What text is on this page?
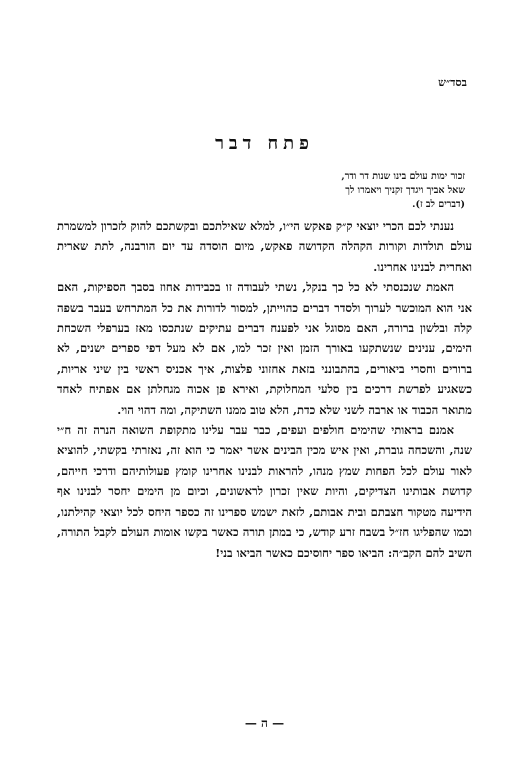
בסד״ש
פתח דבר
זכור ימות עולם בינו שנות דר ודר,
שאל אביך ויגדך זקניך ויאמרו לך
(דברים לב ז).

נענתי לכם הכרי יוצאי ק״ק פאקש הי״ו, למלא שאילתכם ובקשתכם להוק לזכרון למשמרת עולם תולדות וקורות הקהלה הקדושה פאקש, מיום הוסדה עד יום הורבנה, לתת שארית ואחרית לבנינו אחרינו.

האמת שנכנסתי לא כל כך בנקל, נשתי לעבודה זו בכבידות אחוז בסבך הספיקות, האם אני הוא המוכשר לערוך ולסדר דברים כהוייתן, למסור לדורות את כל המתרחש בעבר בשפה קלה ובלשון ברורה, האם מסוגל אני לפענח דברים עתיקים שנתכסו מאז בערפלי השכחת הימים, ענינים שנשתקעו באורך הזמן ואין זכר למו, אם לא מעל דפי ספרים ישנים, לא ברורים וחסרי ביאורים, בהתבונני בזאת אחזוני פלצות, איך אכניס ראשי בין שיני אריות, כשאגיע לפרשת דרכים בין סלעי המחלוקת, ואירא פן אכוה מגחלתן אם אפתיח לאחד מתואר הכבוד או ארבה לשני שלא כדת, הלא טוב ממנו השתיקה, ומה דהוי הוי.

אמנם בראותי שהימים חולפים ועפים, כבר עבר עלינו מתקופת השואה הנרה זה ח״י שנה, והשכחה גוברת, ואין איש מכין הבינים אשר יאמר כי הוא זה, נאזרתי בקשתי, להוציא לאור עולם לכל הפחות שמץ מנהו, להראות לבנינו אחרינו קומץ פעולותיהם ודרכי חייהם, קדושת אבותינו הצדיקים, והיות שאין זכרון לראשונים, וכיום מן הימים יחסר לבנינו אף הידיעה מטקור חצבתם ובית אבותם, לזאת ישמש ספרינו זה כספר היחס לכל יוצאי קהילתנו, וכמו שהפליגו חז״ל בשבח זרע קודש, כי במתן תורה כאשר בקשו אומות העולם לקבל התורה, השיב להם הקב״ה: הביאו ספר יחוסיכם כאשר הביאו בני!

— ה —
